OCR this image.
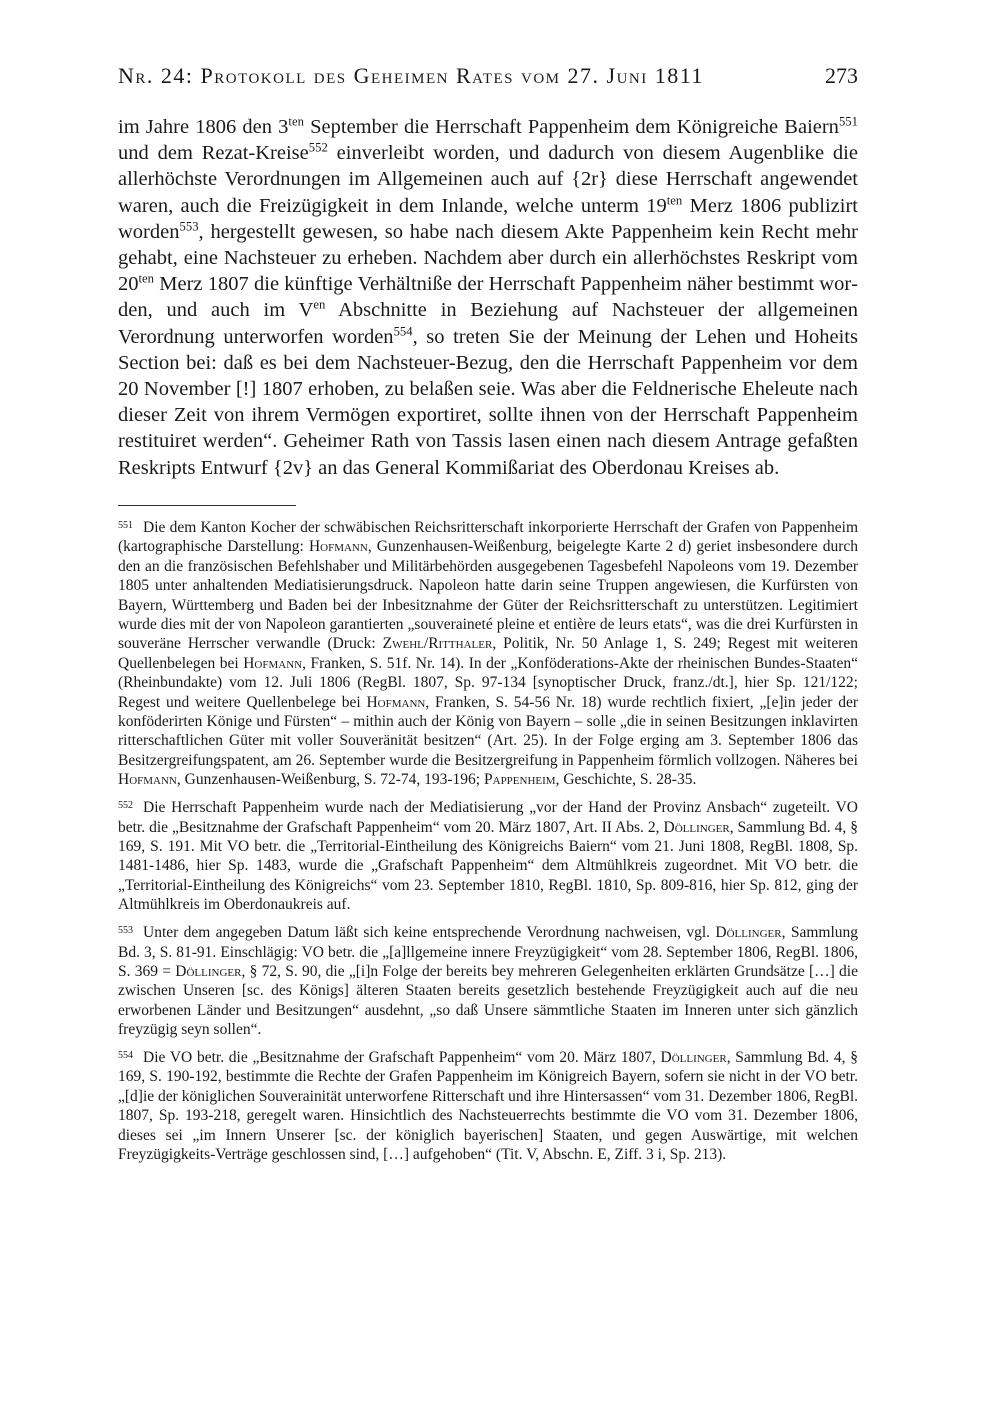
Nr. 24: Protokoll des Geheimen Rates vom 27. Juni 1811	273

im Jahre 1806 den $3^{ten}$ September die Herrschaft Pappenheim dem Königreiche Baiern$^{551}$ und dem Rezat-Kreise$^{552}$ einverleibt worden, und dadurch von diesem Augenblike die allerhöchste Verordnungen im Allgemeinen auch auf {2r} diese Herrschaft angewendet waren, auch die Freizügigkeit in dem Inlande, welche unterm $19^{ten}$ Merz 1806 publizirt worden$^{553}$, hergestellt gewesen, so habe nach diesem Akte Pappenheim kein Recht mehr gehabt, eine Nachsteuer zu erheben. Nachdem aber durch ein allerhöchstes Reskript vom $20^{ten}$ Merz 1807 die künftige Verhältniße der Herrschaft Pappenheim näher bestimmt worden, und auch im $V^{en}$ Abschnitte in Beziehung auf Nachsteuer der allgemeinen Verordnung unterworfen worden$^{554}$, so treten Sie der Meinung der Lehen und Hoheits Section bei: daß es bei dem Nachsteuer-Bezug, den die Herrschaft Pappenheim vor dem 20 November [!] 1807 erhoben, zu belaßen seie. Was aber die Feldnerische Eheleute nach dieser Zeit von ihrem Vermögen exportiret, sollte ihnen von der Herrschaft Pappenheim restituiret werden“. Geheimer Rath von Tassis lasen einen nach diesem Antrage gefaßten Reskripts Entwurf {2v} an das General Kommißariat des Oberdonau Kreises ab.

$^{551}$ Die dem Kanton Kocher der schwäbischen Reichsritterschaft inkorporierte Herrschaft der Grafen von Pappenheim (kartographische Darstellung: Hofmann, Gunzenhausen-Weißenburg, beigelegte Karte 2 d) geriet insbesondere durch den an die französischen Befehlshaber und Militärbehörden ausgegebenen Tagesbefehl Napoleons vom 19. Dezember 1805 unter anhaltenden Mediatisierungsdruck. Napoleon hatte darin seine Truppen angewiesen, die Kurfürsten von Bayern, Württemberg und Baden bei der Inbesitznahme der Güter der Reichsritterschaft zu unterstützen. Legitimiert wurde dies mit der von Napoleon garantierten „souveraineté pleine et entière de leurs etats“, was die drei Kurfürsten in souveräne Herrscher verwandle (Druck: Zwehl/Ritthaler, Politik, Nr. 50 Anlage 1, S. 249; Regest mit weiteren Quellenbelegen bei Hofmann, Franken, S. 51f. Nr. 14). In der „Konföderations-Akte der rheinischen Bundes-Staaten“ (Rheinbundakte) vom 12. Juli 1806 (RegBl. 1807, Sp. 97-134 [synoptischer Druck, franz./dt.], hier Sp. 121/122; Regest und weitere Quellenbelege bei Hofmann, Franken, S. 54-56 Nr. 18) wurde rechtlich fixiert, „[e]in jeder der konföderirten Könige und Fürsten“ – mithin auch der König von Bayern – solle „die in seinen Besitzungen inklavirten ritterschaftlichen Güter mit voller Souveränität besitzen“ (Art. 25). In der Folge erging am 3. September 1806 das Besitzergreifungspatent, am 26. September wurde die Besitzergreifung in Pappenheim förmlich vollzogen. Näheres bei Hofmann, Gunzenhausen-Weißenburg, S. 72-74, 193-196; Pappenheim, Geschichte, S. 28-35.

$^{552}$ Die Herrschaft Pappenheim wurde nach der Mediatisierung „vor der Hand der Provinz Ansbach“ zugeteilt. VO betr. die „Besitznahme der Grafschaft Pappenheim“ vom 20. März 1807, Art. II Abs. 2, Döllinger, Sammlung Bd. 4, § 169, S. 191. Mit VO betr. die „Territorial-Eintheilung des Königreichs Baiern“ vom 21. Juni 1808, RegBl. 1808, Sp. 1481-1486, hier Sp. 1483, wurde die „Grafschaft Pappenheim“ dem Altmühlkreis zugeordnet. Mit VO betr. die „Territorial-Eintheilung des Königreichs“ vom 23. September 1810, RegBl. 1810, Sp. 809-816, hier Sp. 812, ging der Altmühlkreis im Oberdonaukreis auf.

$^{553}$ Unter dem angegeben Datum läßt sich keine entsprechende Verordnung nachweisen, vgl. Döllinger, Sammlung Bd. 3, S. 81-91. Einschlägig: VO betr. die „[a]llgemeine innere Freyzügigkeit“ vom 28. September 1806, RegBl. 1806, S. 369 = Döllinger, § 72, S. 90, die „[i]n Folge der bereits bey mehreren Gelegenheiten erklärten Grundsätze […] die zwischen Unseren [sc. des Königs] älteren Staaten bereits gesetzlich bestehende Freyzügigkeit auch auf die neu erworbenen Länder und Besitzungen“ ausdehnt, „so daß Unsere sämmtliche Staaten im Inneren unter sich gänzlich freyzügig seyn sollen“.

$^{554}$ Die VO betr. die „Besitznahme der Grafschaft Pappenheim“ vom 20. März 1807, Döllinger, Sammlung Bd. 4, § 169, S. 190-192, bestimmte die Rechte der Grafen Pappenheim im Königreich Bayern, sofern sie nicht in der VO betr. „[d]ie der königlichen Souverainität unterworfene Ritterschaft und ihre Hintersassen“ vom 31. Dezember 1806, RegBl. 1807, Sp. 193-218, geregelt waren. Hinsichtlich des Nachsteuerrechts bestimmte die VO vom 31. Dezember 1806, dieses sei „im Innern Unserer [sc. der königlich bayerischen] Staaten, und gegen Auswärtige, mit welchen Freyzügigkeits-Verträge geschlossen sind, […] aufgehoben“ (Tit. V, Abschn. E, Ziff. 3 i, Sp. 213).
